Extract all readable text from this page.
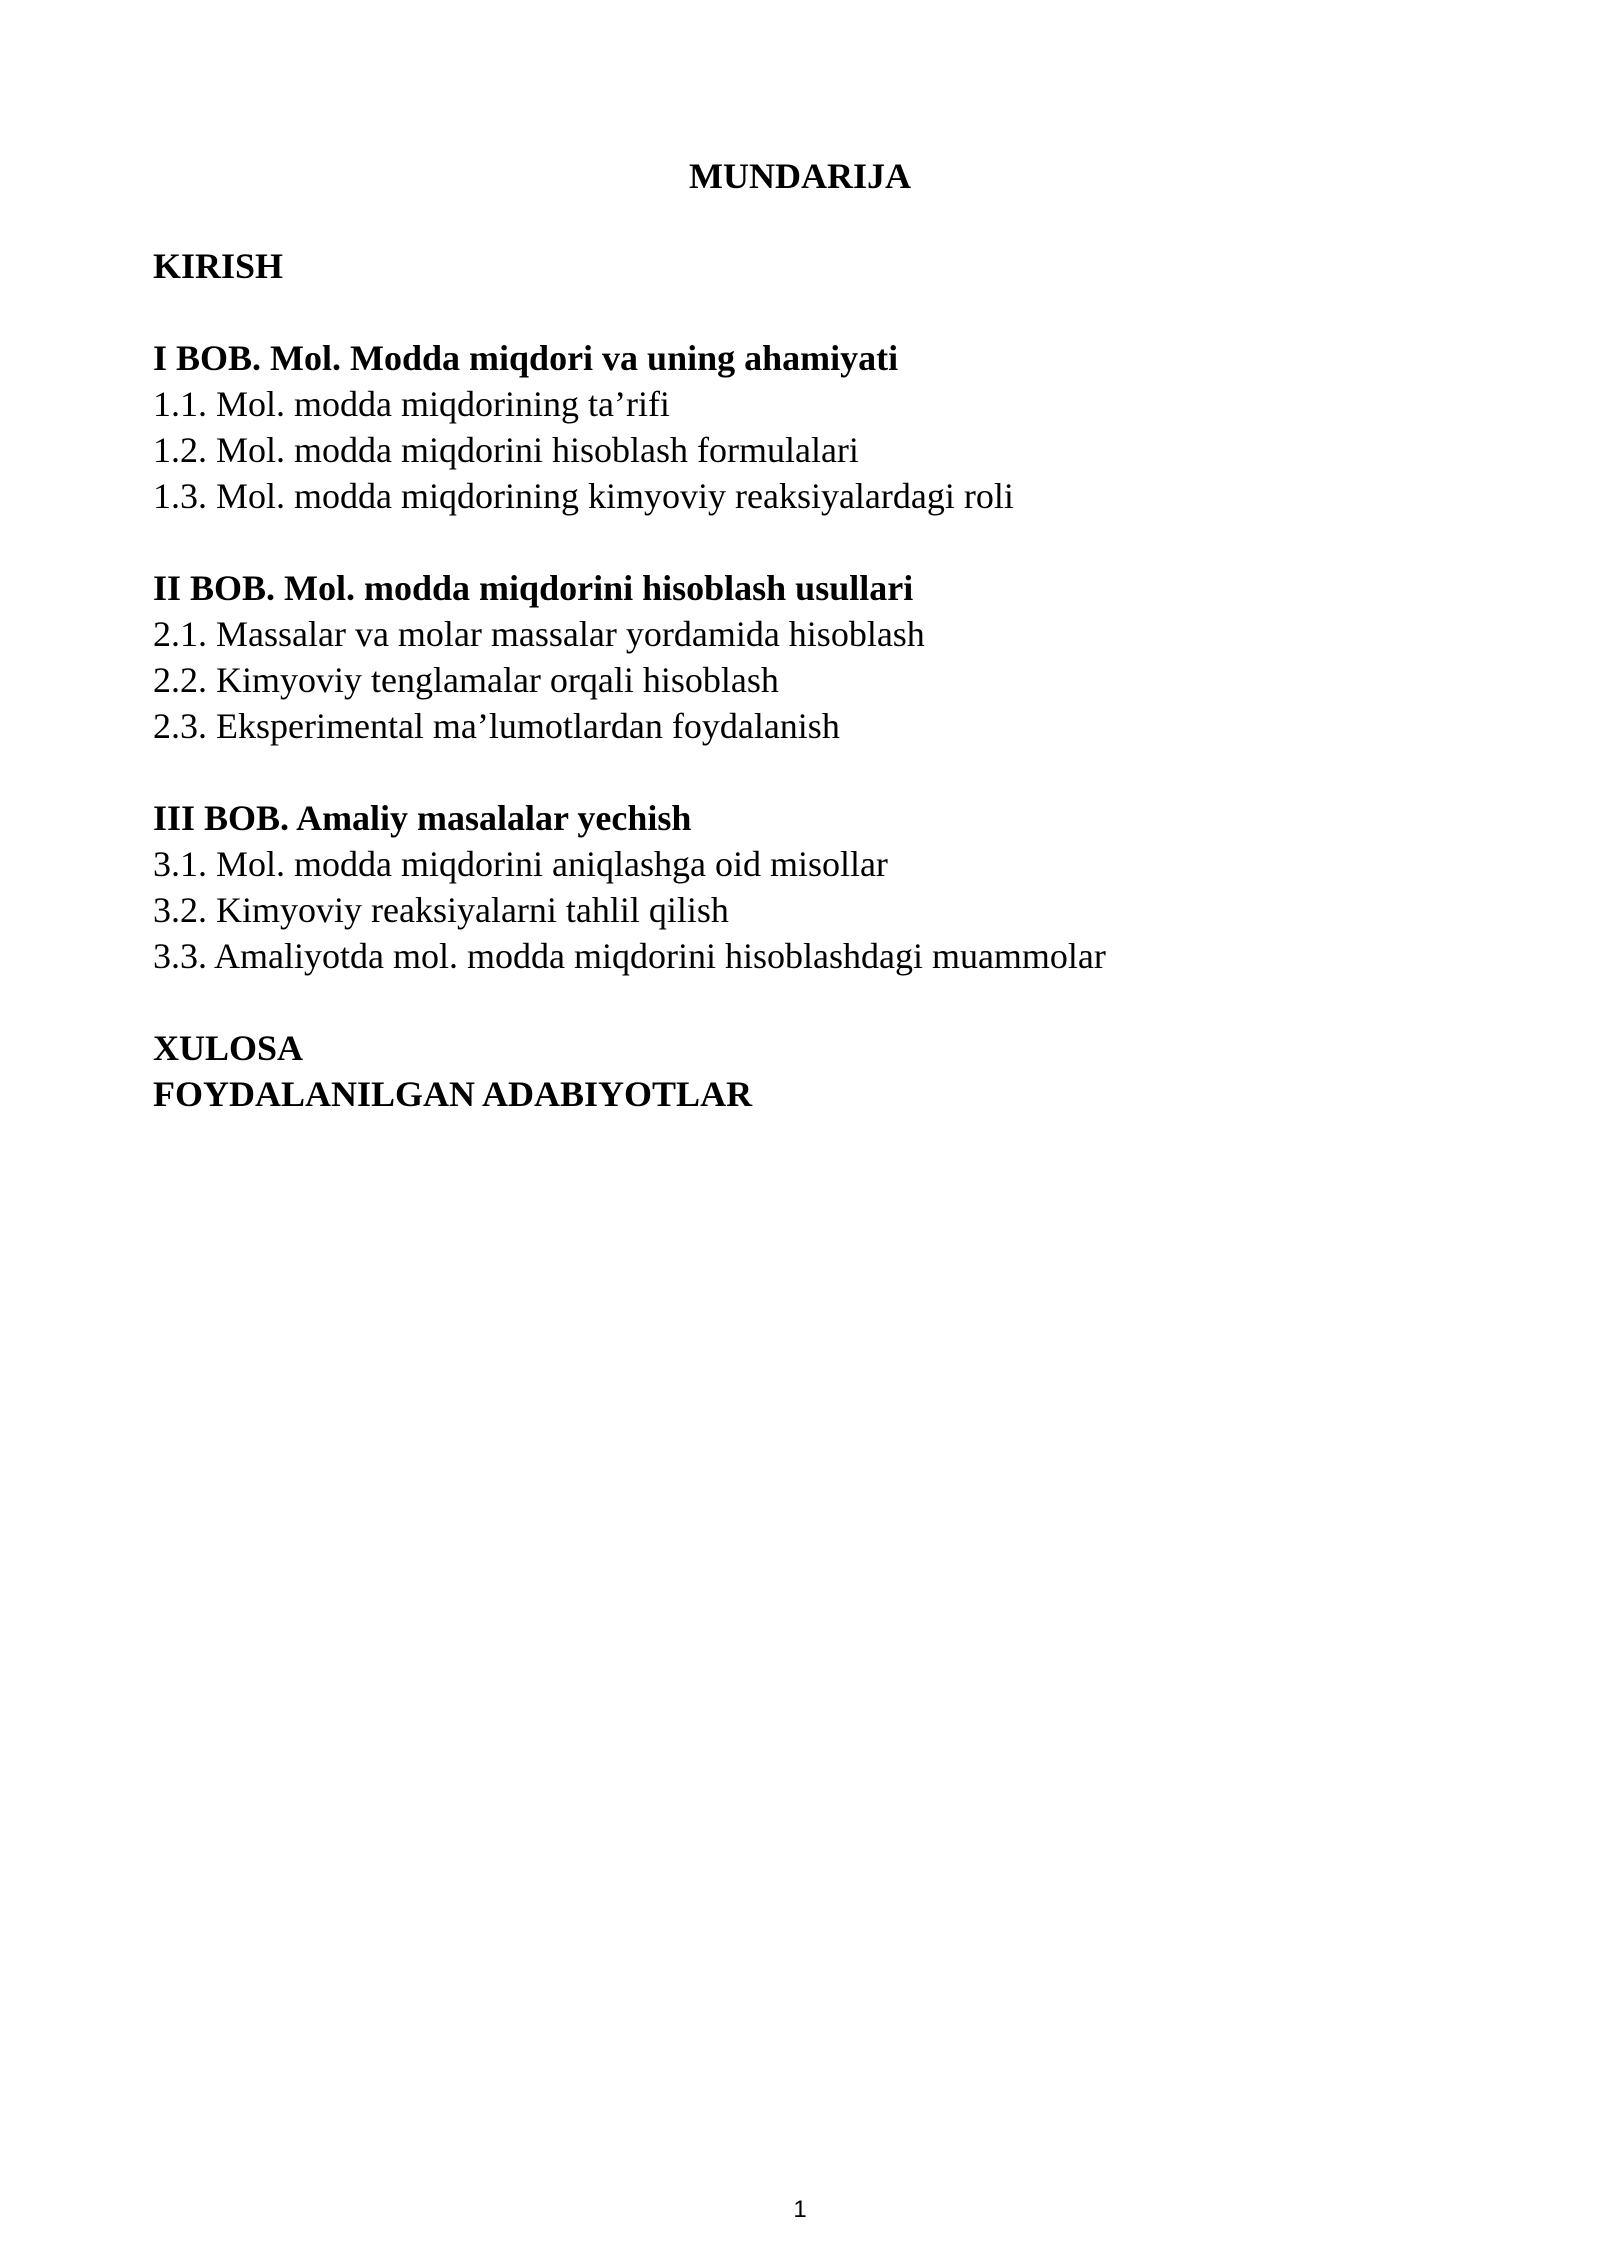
MUNDARIJA
KIRISH
I BOB. Mol. Modda miqdori va uning ahamiyati
1.1. Mol. modda miqdorining ta’rifi
1.2. Mol. modda miqdorini hisoblash formulalari
1.3. Mol. modda miqdorining kimyoviy reaksiyalardagi roli
II BOB. Mol. modda miqdorini hisoblash usullari
2.1. Massalar va molar massalar yordamida hisoblash
2.2. Kimyoviy tenglamalar orqali hisoblash
2.3. Eksperimental ma’lumotlardan foydalanish
III BOB. Amaliy masalalar yechish
3.1. Mol. modda miqdorini aniqlashga oid misollar
3.2. Kimyoviy reaksiyalarni tahlil qilish
3.3. Amaliyotda mol. modda miqdorini hisoblashdagi muammolar
XULOSA
FOYDALANILGAN ADABIYOTLAR
1
